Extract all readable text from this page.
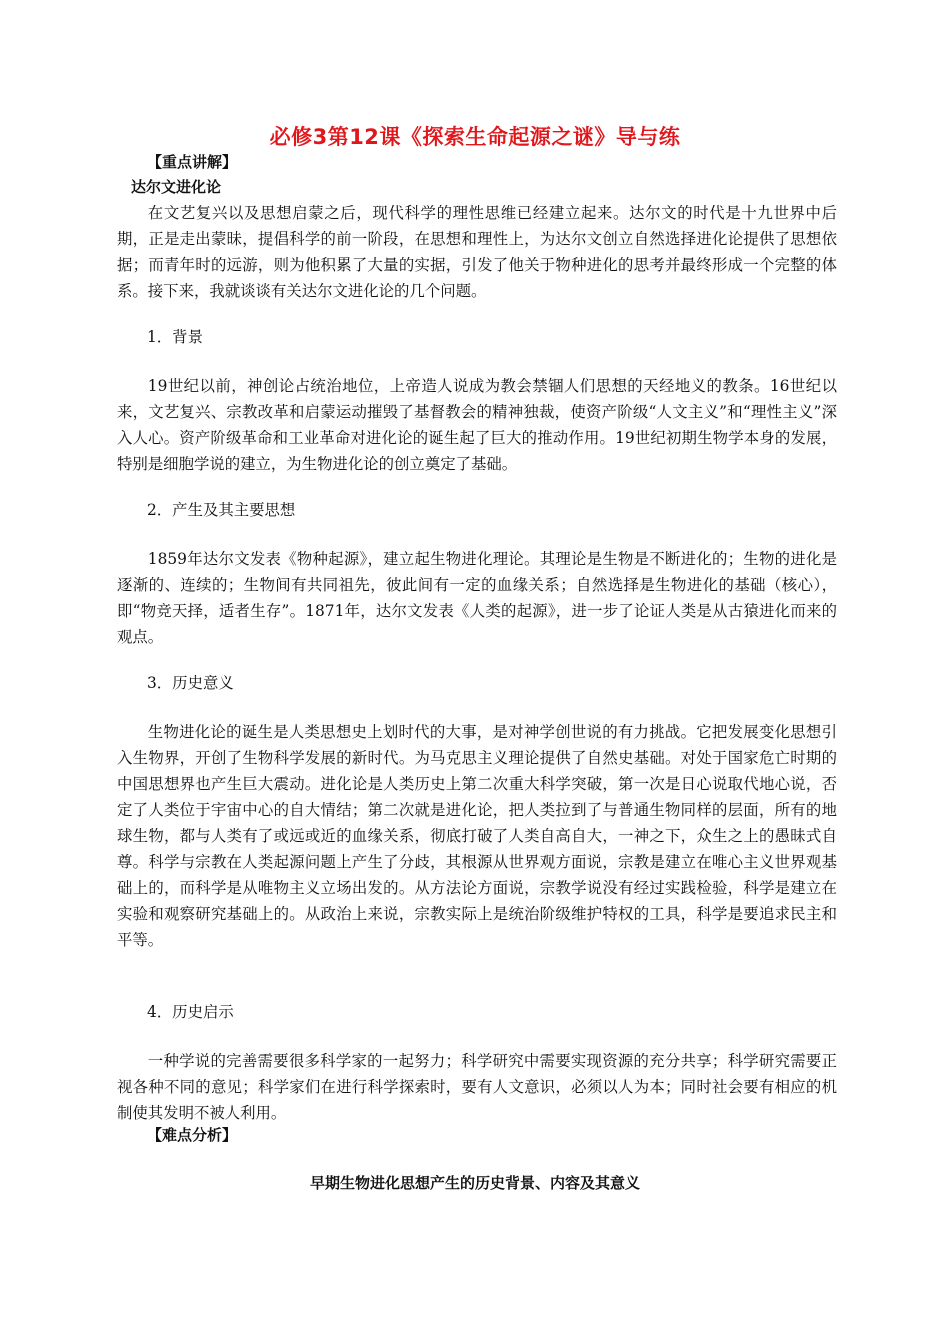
必修3第12课《探索生命起源之谜》导与练
【重点讲解】
达尔文进化论

在文艺复兴以及思想启蒙之后，现代科学的理性思维已经建立起来。达尔文的时代是十九世界中后期，正是走出蒙昧，提倡科学的前一阶段，在思想和理性上，为达尔文创立自然选择进化论提供了思想依据；而青年时的远游，则为他积累了大量的实据，引发了他关于物种进化的思考并最终形成一个完整的体系。接下来，我就谈谈有关达尔文进化论的几个问题。

1．背景

19世纪以前，神创论占统治地位，上帝造人说成为教会禁锢人们思想的天经地义的教条。16世纪以来，文艺复兴、宗教改革和启蒙运动摧毁了基督教会的精神独裁，使资产阶级“人文主义”和“理性主义”深入人心。资产阶级革命和工业革命对进化论的诞生起了巨大的推动作用。19世纪初期生物学本身的发展，特别是细胞学说的建立，为生物进化论的创立奠定了基础。

2．产生及其主要思想

1859年达尔文发表《物种起源》，建立起生物进化理论。其理论是生物是不断进化的；生物的进化是逐渐的、连续的；生物间有共同祖先，彼此间有一定的血缘关系；自然选择是生物进化的基础（核心），即“物竞天择，适者生存”。1871年，达尔文发表《人类的起源》，进一步了论证人类是从古猿进化而来的观点。

3．历史意义

生物进化论的诞生是人类思想史上划时代的大事，是对神学创世说的有力挑战。它把发展变化思想引入生物界，开创了生物科学发展的新时代。为马克思主义理论提供了自然史基础。对处于国家危亡时期的中国思想界也产生巨大震动。进化论是人类历史上第二次重大科学突破，第一次是日心说取代地心说，否定了人类位于宇宙中心的自大情结；第二次就是进化论，把人类拉到了与普通生物同样的层面，所有的地球生物，都与人类有了或远或近的血缘关系，彻底打破了人类自高自大，一神之下，众生之上的愚昧式自尊。科学与宗教在人类起源问题上产生了分歧，其根源从世界观方面说，宗教是建立在唯心主义世界观基础上的，而科学是从唯物主义立场出发的。从方法论方面说，宗教学说没有经过实践检验，科学是建立在实验和观察研究基础上的。从政治上来说，宗教实际上是统治阶级维护特权的工具，科学是要追求民主和平等。

4．历史启示

一种学说的完善需要很多科学家的一起努力；科学研究中需要实现资源的充分共享；科学研究需要正视各种不同的意见；科学家们在进行科学探索时，要有人文意识，必须以人为本；同时社会要有相应的机制使其发明不被人利用。

【难点分析】
早期生物进化思想产生的历史背景、内容及其意义
